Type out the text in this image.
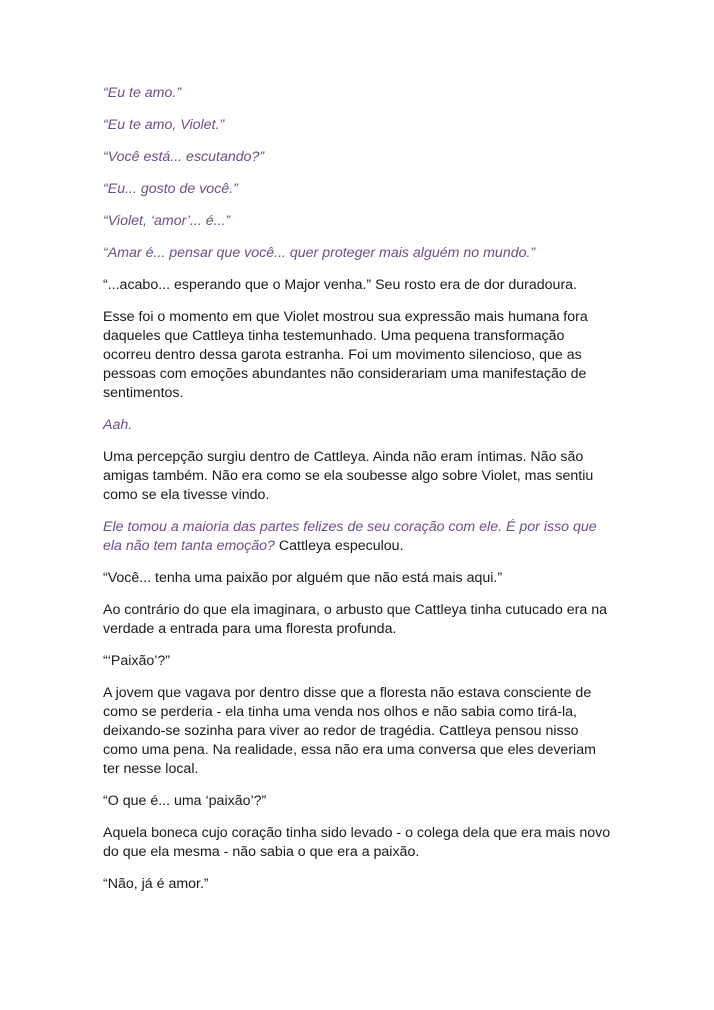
“Eu te amo.”

“Eu te amo, Violet.”

“Você está... escutando?”

“Eu... gosto de você.”

“Violet, ‘amor’... é...”

“Amar é... pensar que você... quer proteger mais alguém no mundo.”

“...acabo... esperando que o Major venha.” Seu rosto era de dor duradoura.

Esse foi o momento em que Violet mostrou sua expressão mais humana fora daqueles que Cattleya tinha testemunhado. Uma pequena transformação ocorreu dentro dessa garota estranha. Foi um movimento silencioso, que as pessoas com emoções abundantes não considerariam uma manifestação de sentimentos.

Aah.

Uma percepção surgiu dentro de Cattleya. Ainda não eram íntimas. Não são amigas também. Não era como se ela soubesse algo sobre Violet, mas sentiu como se ela tivesse vindo.

Ele tomou a maioria das partes felizes de seu coração com ele. É por isso que ela não tem tanta emoção? Cattleya especulou.

“Você... tenha uma paixão por alguém que não está mais aqui.”

Ao contrário do que ela imaginara, o arbusto que Cattleya tinha cutucado era na verdade a entrada para uma floresta profunda.

“‘Paixão’?”

A jovem que vagava por dentro disse que a floresta não estava consciente de como se perderia - ela tinha uma venda nos olhos e não sabia como tirá-la, deixando-se sozinha para viver ao redor de tragédia. Cattleya pensou nisso como uma pena. Na realidade, essa não era uma conversa que eles deveriam ter nesse local.

“O que é... uma ‘paixão’?”

Aquela boneca cujo coração tinha sido levado - o colega dela que era mais novo do que ela mesma - não sabia o que era a paixão.

“Não, já é amor.”
